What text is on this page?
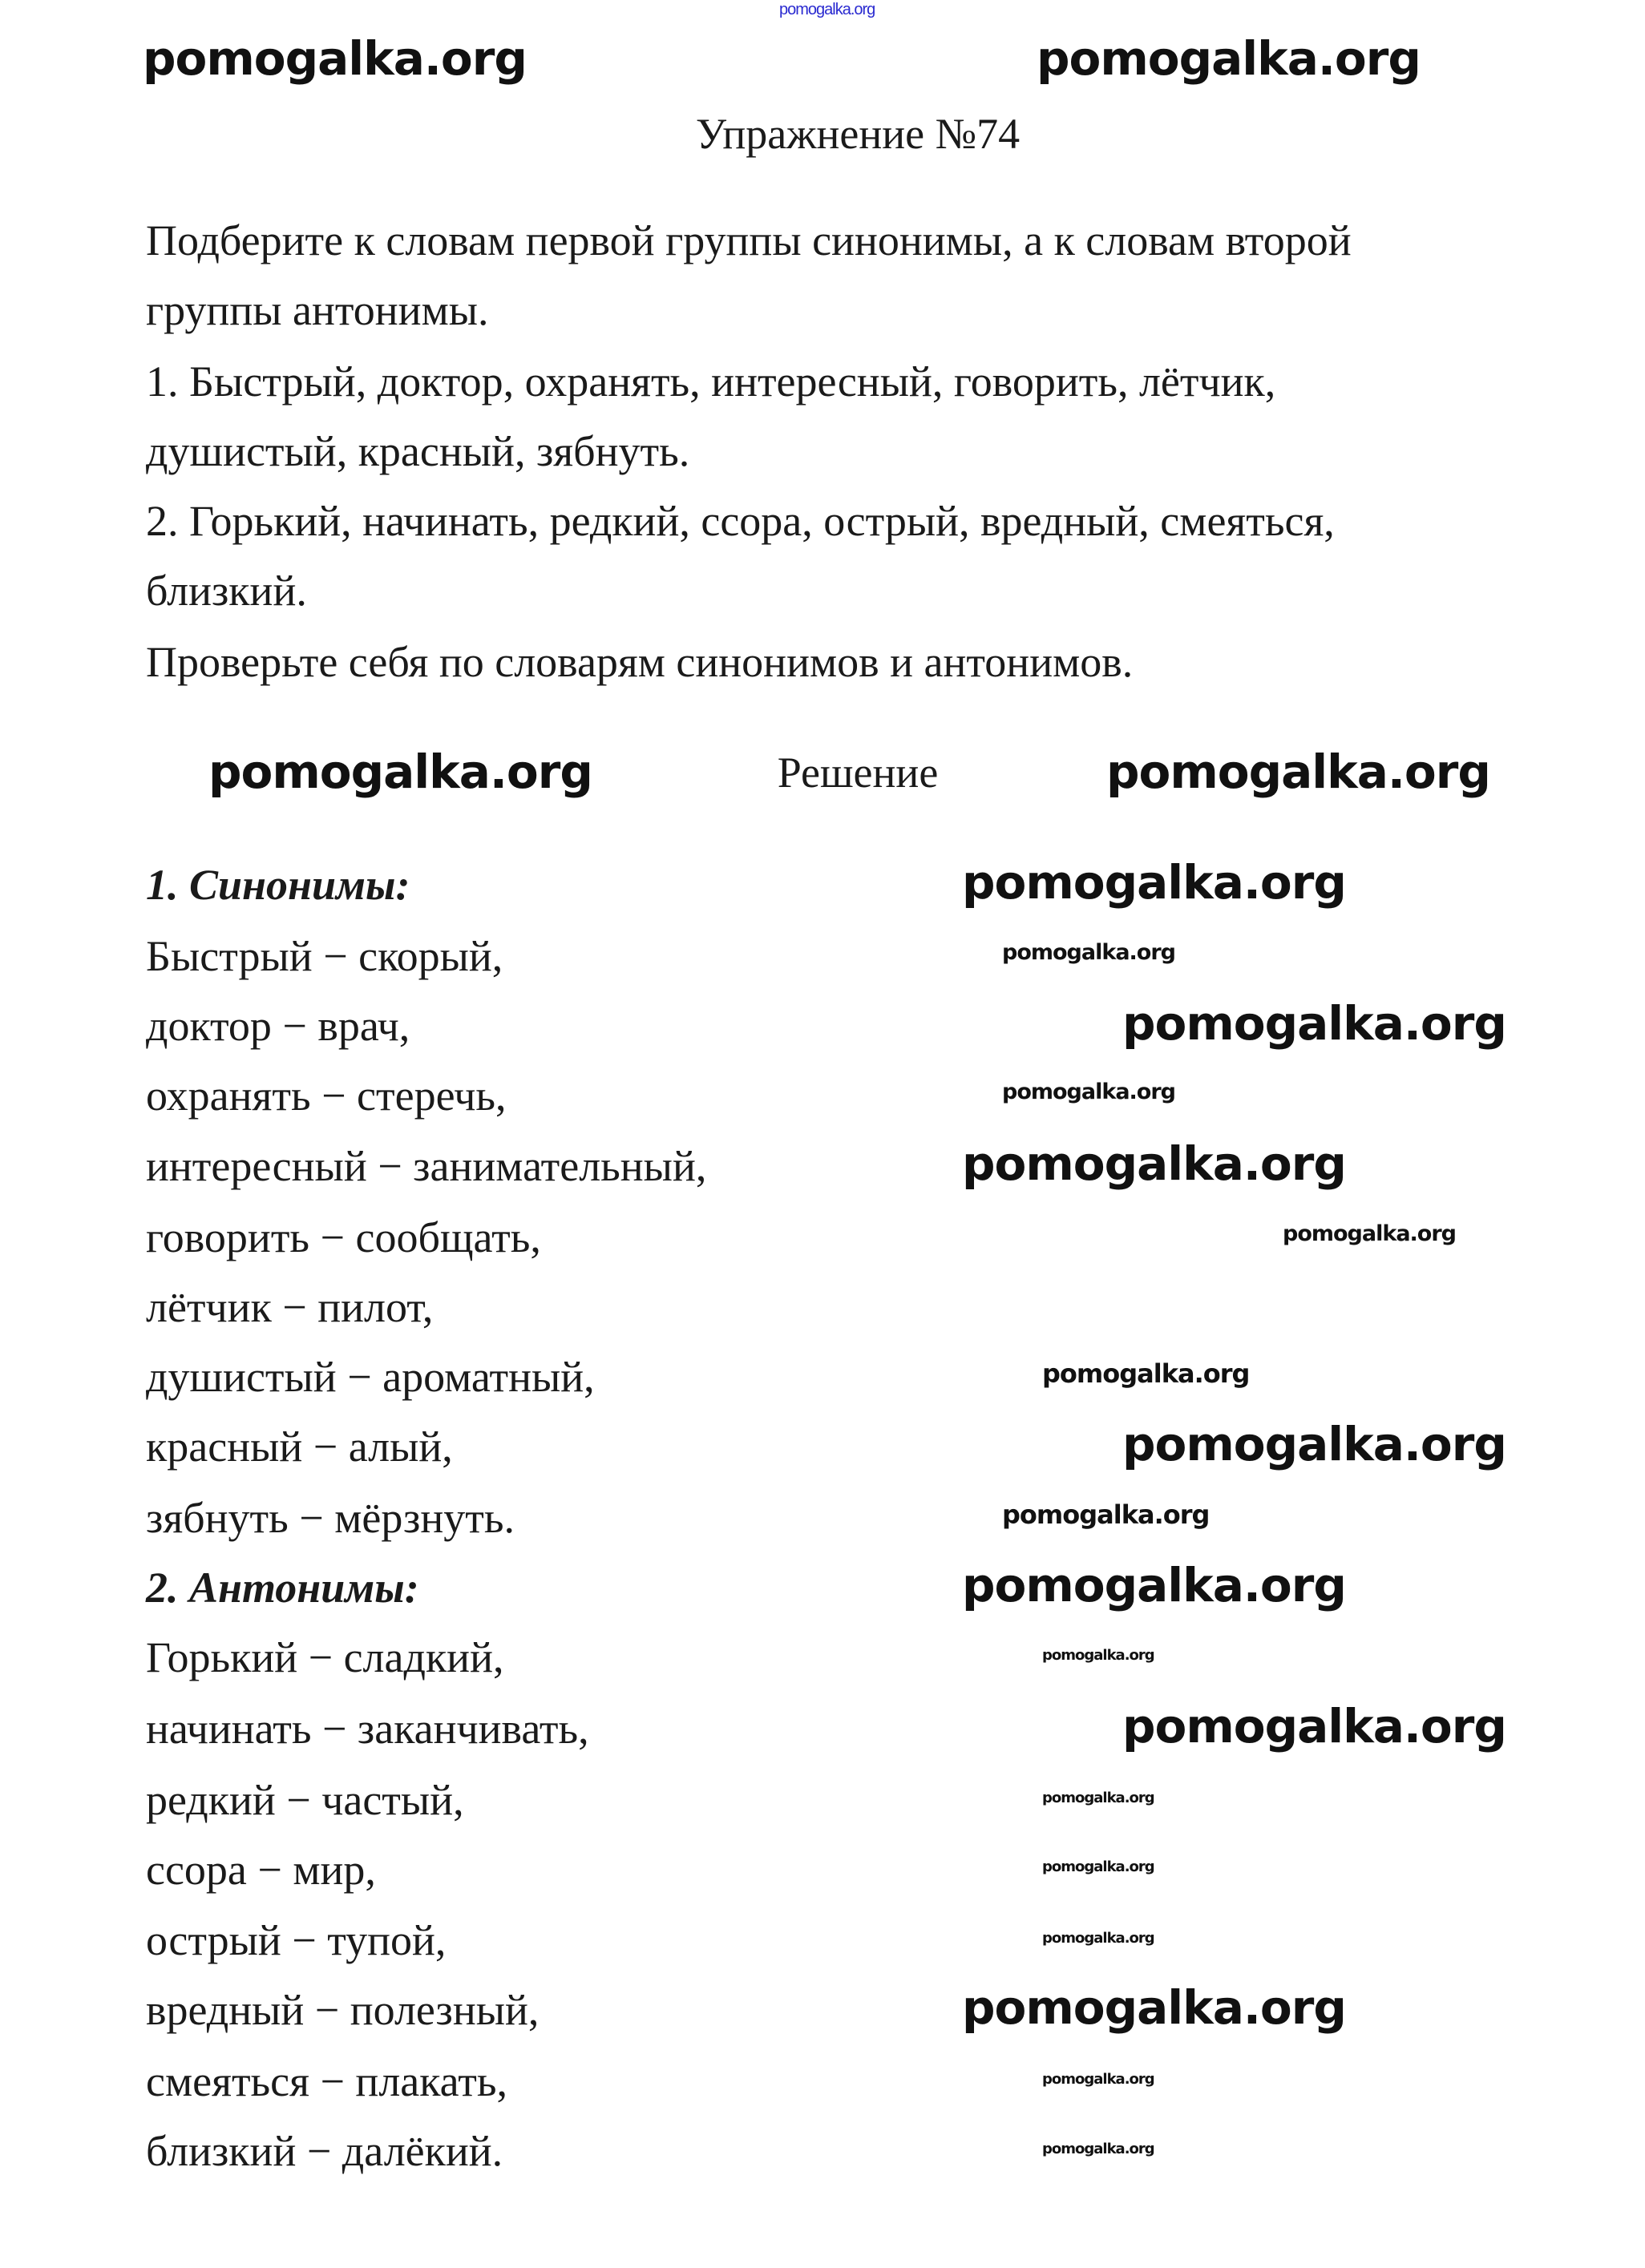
pomogalka.org
Упражнение №74
Подберите к словам первой группы синонимы, а к словам второй
группы антонимы.
1. Быстрый, доктор, охранять, интересный, говорить, лётчик,
душистый, красный, зябнуть.
2. Горький, начинать, редкий, ссора, острый, вредный, смеяться,
близкий.
Проверьте себя по словарям синонимов и антонимов.
Решение
1. Синонимы:
Быстрый − скорый,
доктор − врач,
охранять − стеречь,
интересный − занимательный,
говорить − сообщать,
лётчик − пилот,
душистый − ароматный,
красный − алый,
зябнуть − мёрзнуть.
2. Антонимы:
Горький − сладкий,
начинать − заканчивать,
редкий − частый,
ссора − мир,
острый − тупой,
вредный − полезный,
смеяться − плакать,
близкий − далёкий.
pomogalka.org	pomogalka.org
pomogalka.org	pomogalka.org
pomogalka.org
pomogalka.org
pomogalka.org
pomogalka.org
pomogalka.org
pomogalka.org
pomogalka.org
pomogalka.org
pomogalka.org
pomogalka.org
pomogalka.org
pomogalka.org
pomogalka.org
pomogalka.org
pomogalka.org
pomogalka.org
pomogalka.org
pomogalka.org
